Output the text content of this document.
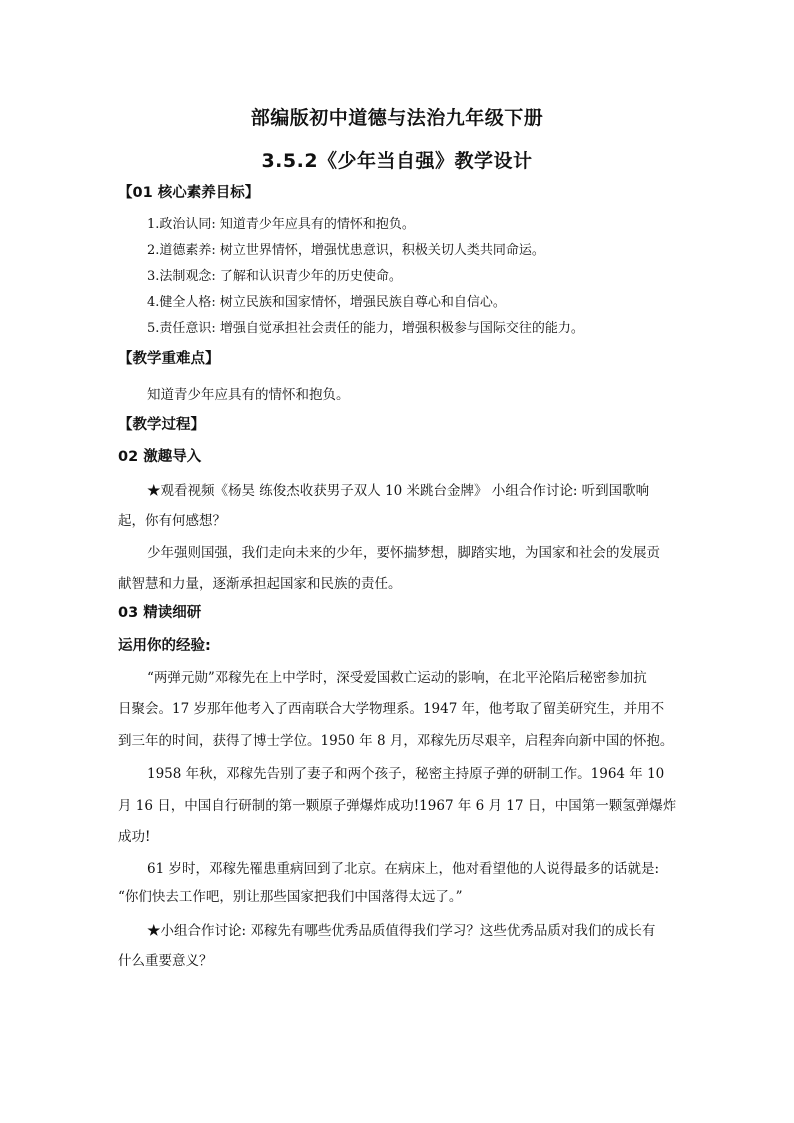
部编版初中道德与法治九年级下册
3.5.2《少年当自强》教学设计
【01 核心素养目标】
1.政治认同: 知道青少年应具有的情怀和抱负。
2.道德素养: 树立世界情怀，增强忧患意识，积极关切人类共同命运。
3.法制观念: 了解和认识青少年的历史使命。
4.健全人格: 树立民族和国家情怀，增强民族自尊心和自信心。
5.责任意识: 增强自觉承担社会责任的能力，增强积极参与国际交往的能力。
【教学重难点】
知道青少年应具有的情怀和抱负。
【教学过程】
02 激趣导入
★观看视频《杨昊 练俊杰收获男子双人 10 米跳台金牌》 小组合作讨论: 听到国歌响
起，你有何感想？
少年强则国强，我们走向未来的少年，要怀揣梦想，脚踏实地，为国家和社会的发展贡
献智慧和力量，逐渐承担起国家和民族的责任。
03 精读细研
运用你的经验:
“两弹元勋”邓稼先在上中学时，深受爱国救亡运动的影响，在北平沦陷后秘密参加抗
日聚会。17 岁那年他考入了西南联合大学物理系。1947 年，他考取了留美研究生，并用不
到三年的时间，获得了博士学位。1950 年 8 月，邓稼先历尽艰辛，启程奔向新中国的怀抱。
1958 年秋，邓稼先告别了妻子和两个孩子，秘密主持原子弹的研制工作。1964 年 10
月 16 日，中国自行研制的第一颗原子弹爆炸成功!1967 年 6 月 17 日，中国第一颗氢弹爆炸
成功!
61 岁时，邓稼先罹患重病回到了北京。在病床上，他对看望他的人说得最多的话就是:
“你们快去工作吧，别让那些国家把我们中国落得太远了。”
★小组合作讨论: 邓稼先有哪些优秀品质值得我们学习？这些优秀品质对我们的成长有
什么重要意义？
